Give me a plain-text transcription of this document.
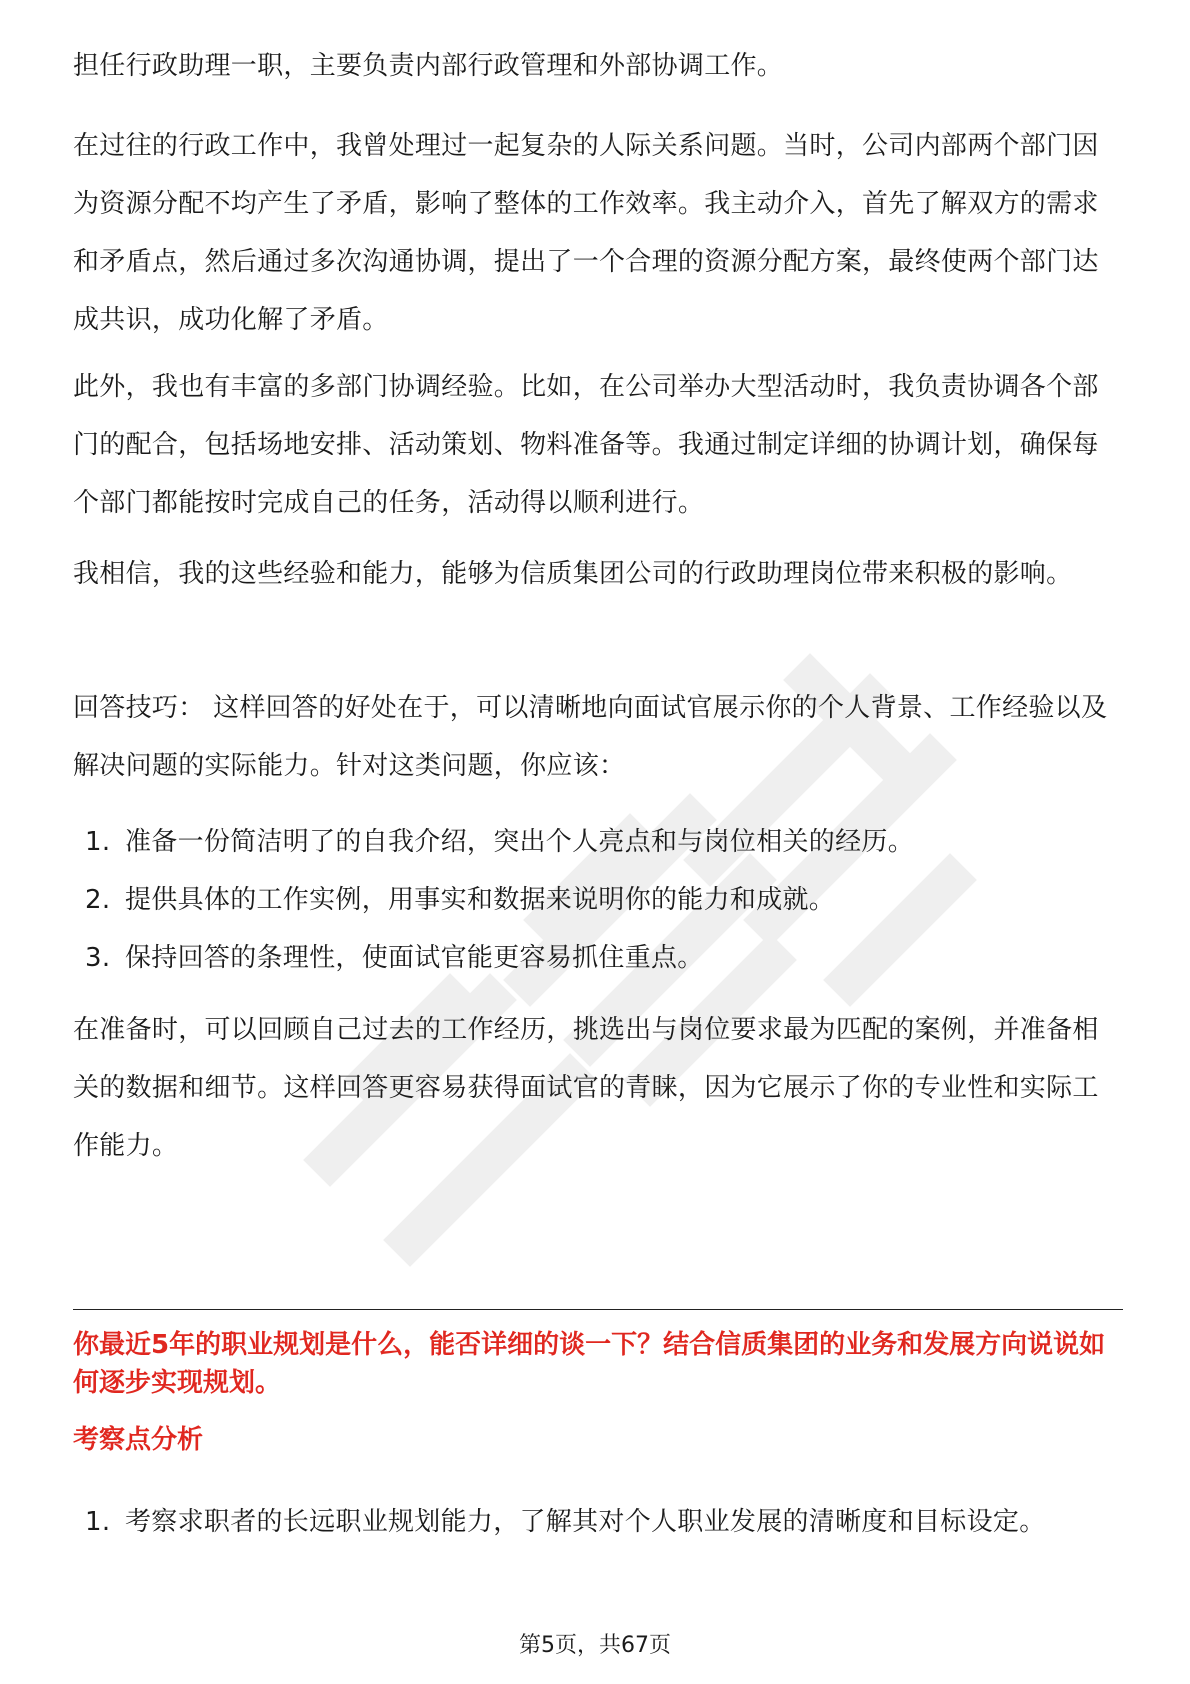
担任行政助理一职，主要负责内部行政管理和外部协调工作。

在过往的行政工作中，我曾处理过一起复杂的人际关系问题。当时，公司内部两个部门因为资源分配不均产生了矛盾，影响了整体的工作效率。我主动介入，首先了解双方的需求和矛盾点，然后通过多次沟通协调，提出了一个合理的资源分配方案，最终使两个部门达成共识，成功化解了矛盾。

此外，我也有丰富的多部门协调经验。比如，在公司举办大型活动时，我负责协调各个部门的配合，包括场地安排、活动策划、物料准备等。我通过制定详细的协调计划，确保每个部门都能按时完成自己的任务，活动得以顺利进行。

我相信，我的这些经验和能力，能够为信质集团公司的行政助理岗位带来积极的影响。

回答技巧： 这样回答的好处在于，可以清晰地向面试官展示你的个人背景、工作经验以及解决问题的实际能力。针对这类问题，你应该：

1. 准备一份简洁明了的自我介绍，突出个人亮点和与岗位相关的经历。
2. 提供具体的工作实例，用事实和数据来说明你的能力和成就。
3. 保持回答的条理性，使面试官能更容易抓住重点。

在准备时，可以回顾自己过去的工作经历，挑选出与岗位要求最为匹配的案例，并准备相关的数据和细节。这样回答更容易获得面试官的青睐，因为它展示了你的专业性和实际工作能力。

你最近5年的职业规划是什么，能否详细的谈一下？结合信质集团的业务和发展方向说说如何逐步实现规划。

考察点分析

1. 考察求职者的长远职业规划能力，了解其对个人职业发展的清晰度和目标设定。
第5页，共67页
